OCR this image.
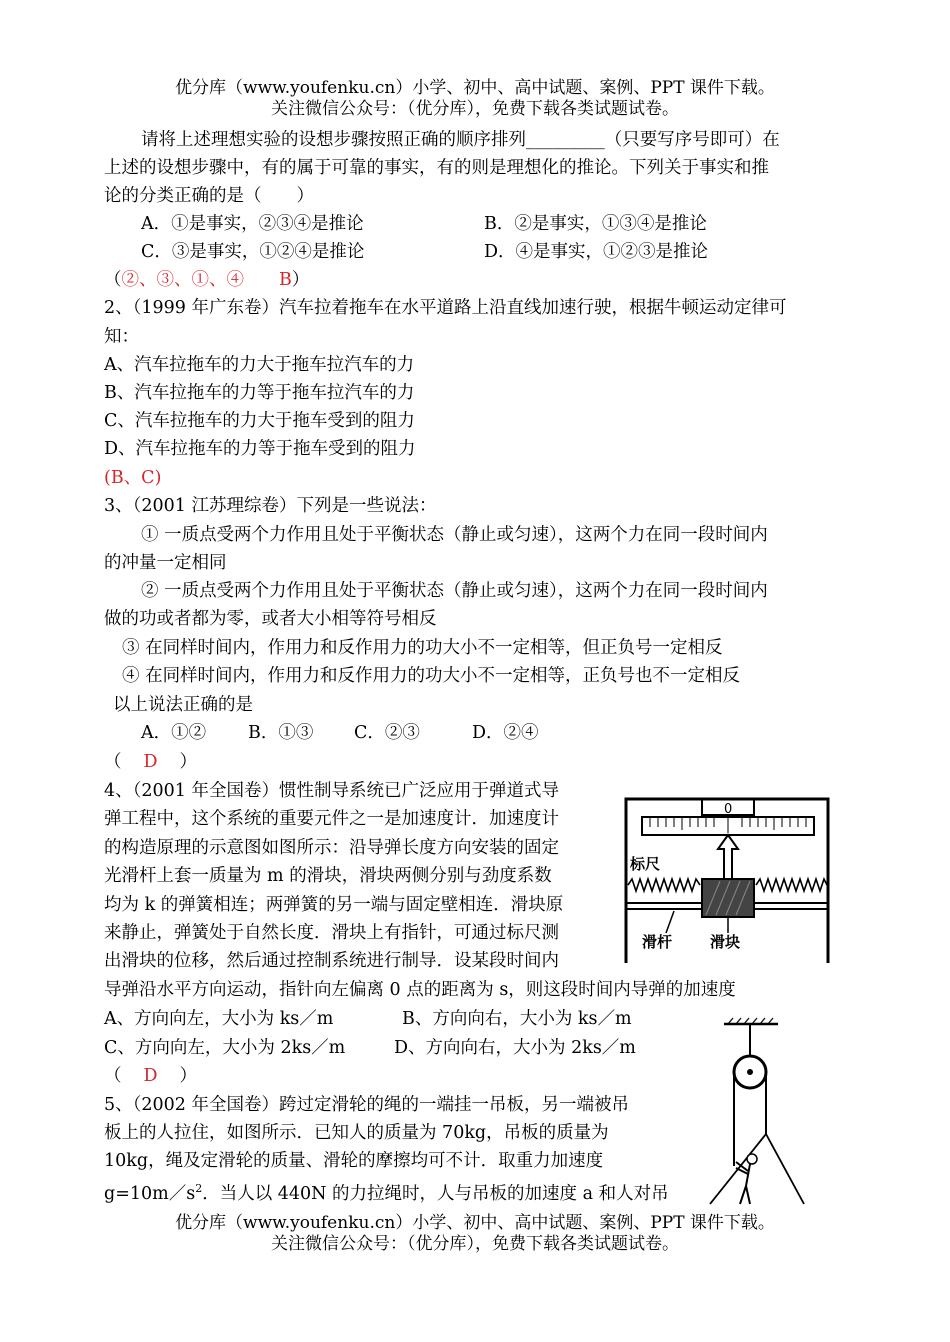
优分库（www.youfenku.cn）小学、初中、高中试题、案例、PPT 课件下载。
关注微信公众号：（优分库），免费下载各类试题试卷。
请将上述理想实验的设想步骤按照正确的顺序排列_________（只要写序号即可）在
上述的设想步骤中，有的属于可靠的事实，有的则是理想化的推论。下列关于事实和推
论的分类正确的是（　　）
A．①是事实，②③④是推论	B．②是事实，①③④是推论
C．③是事实，①②④是推论	D．④是事实，①②③是推论
（②、③、①、④　　B）
2、（1999 年广东卷）汽车拉着拖车在水平道路上沿直线加速行驶，根据牛顿运动定律可
知：
A、汽车拉拖车的力大于拖车拉汽车的力
B、汽车拉拖车的力等于拖车拉汽车的力
C、汽车拉拖车的力大于拖车受到的阻力
D、汽车拉拖车的力等于拖车受到的阻力
(B、C)
3、（2001 江苏理综卷）下列是一些说法：
① 一质点受两个力作用且处于平衡状态（静止或匀速），这两个力在同一段时间内
的冲量一定相同
② 一质点受两个力作用且处于平衡状态（静止或匀速），这两个力在同一段时间内
做的功或者都为零，或者大小相等符号相反
③ 在同样时间内，作用力和反作用力的功大小不一定相等，但正负号一定相反
④ 在同样时间内，作用力和反作用力的功大小不一定相等，正负号也不一定相反
以上说法正确的是
A．①② B．①③ C．②③	D．②④
（ D ）
4、（2001 年全国卷）惯性制导系统已广泛应用于弹道式导
弹工程中，这个系统的重要元件之一是加速度计．加速度计
的构造原理的示意图如图所示：沿导弹长度方向安装的固定
光滑杆上套一质量为 m 的滑块，滑块两侧分别与劲度系数
均为 k 的弹簧相连；两弹簧的另一端与固定壁相连．滑块原
来静止，弹簧处于自然长度．滑块上有指针，可通过标尺测
出滑块的位移，然后通过控制系统进行制导．设某段时间内
导弹沿水平方向运动，指针向左偏离 0 点的距离为 s，则这段时间内导弹的加速度
A、方向向左，大小为 ks／m	B、方向向右，大小为 ks／m
C、方向向左，大小为 2ks／m	D、方向向右，大小为 2ks／m
（ D ）
0
标尺
滑杆	滑块
5、（2002 年全国卷）跨过定滑轮的绳的一端挂一吊板，另一端被吊
板上的人拉住，如图所示．已知人的质量为 70kg，吊板的质量为
10kg，绳及定滑轮的质量、滑轮的摩擦均可不计．取重力加速度
$g=10m/s^2$．当人以 440N 的力拉绳时，人与吊板的加速度 a 和人对吊
优分库（www.youfenku.cn）小学、初中、高中试题、案例、PPT 课件下载。
关注微信公众号：（优分库），免费下载各类试题试卷。
